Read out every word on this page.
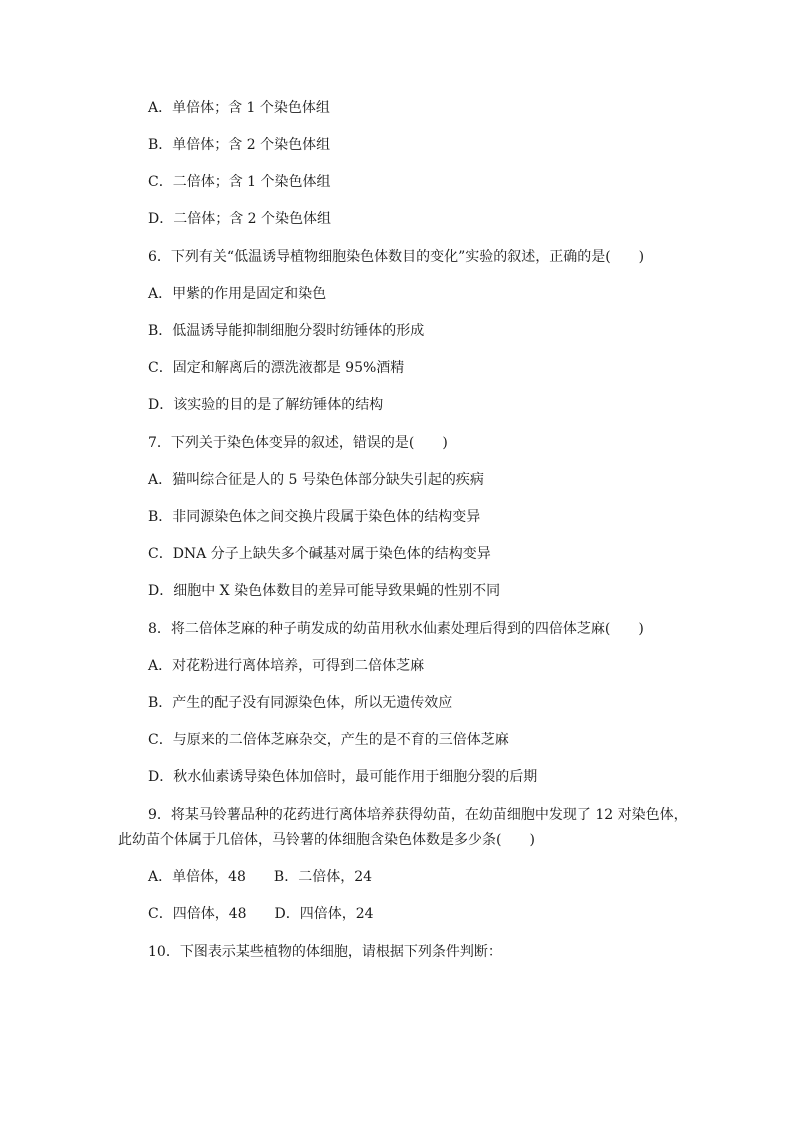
A．单倍体；含 1 个染色体组
B．单倍体；含 2 个染色体组
C．二倍体；含 1 个染色体组
D．二倍体；含 2 个染色体组
6．下列有关“低温诱导植物细胞染色体数目的变化”实验的叙述，正确的是(　　)
A．甲紫的作用是固定和染色
B．低温诱导能抑制细胞分裂时纺锤体的形成
C．固定和解离后的漂洗液都是 95%酒精
D．该实验的目的是了解纺锤体的结构
7．下列关于染色体变异的叙述，错误的是(　　)
A．猫叫综合征是人的 5 号染色体部分缺失引起的疾病
B．非同源染色体之间交换片段属于染色体的结构变异
C．DNA 分子上缺失多个碱基对属于染色体的结构变异
D．细胞中 X 染色体数目的差异可能导致果蝇的性别不同
8．将二倍体芝麻的种子萌发成的幼苗用秋水仙素处理后得到的四倍体芝麻(　　)
A．对花粉进行离体培养，可得到二倍体芝麻
B．产生的配子没有同源染色体，所以无遗传效应
C．与原来的二倍体芝麻杂交，产生的是不育的三倍体芝麻
D．秋水仙素诱导染色体加倍时，最可能作用于细胞分裂的后期
9．将某马铃薯品种的花药进行离体培养获得幼苗，在幼苗细胞中发现了 12 对染色体，
此幼苗个体属于几倍体，马铃薯的体细胞含染色体数是多少条(　　)
A．单倍体，48　　B．二倍体，24
C．四倍体，48　　D．四倍体，24
10．下图表示某些植物的体细胞，请根据下列条件判断：
